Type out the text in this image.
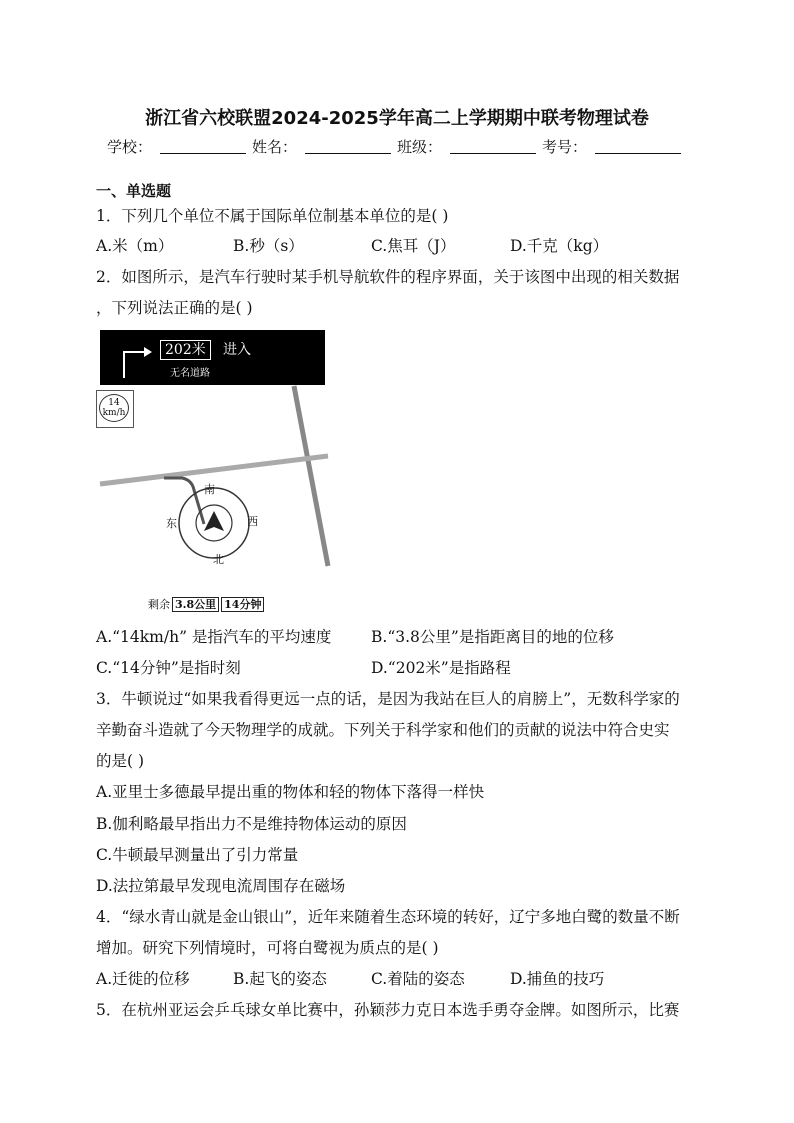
浙江省六校联盟2024-2025学年高二上学期期中联考物理试卷
学校：	姓名：	班级：	考号：
一、单选题
1．下列几个单位不属于国际单位制基本单位的是( )
A.米（m）	B.秒（s）	C.焦耳（J）	D.千克（kg）
2．如图所示，是汽车行驶时某手机导航软件的程序界面，关于该图中出现的相关数据
，下列说法正确的是( )
202米	进入
无名道路
14
km/h
南
东	西
北
剩余 3.8公里 14分钟
A.“14km/h” 是指汽车的平均速度	B.“3.8公里”是指距离目的地的位移
C.“14分钟”是指时刻	D.“202米”是指路程
3．牛顿说过“如果我看得更远一点的话，是因为我站在巨人的肩膀上”，无数科学家的
辛勤奋斗造就了今天物理学的成就。下列关于科学家和他们的贡献的说法中符合史实
的是( )
A.亚里士多德最早提出重的物体和轻的物体下落得一样快
B.伽利略最早指出力不是维持物体运动的原因
C.牛顿最早测量出了引力常量
D.法拉第最早发现电流周围存在磁场
4．“绿水青山就是金山银山”，近年来随着生态环境的转好，辽宁多地白鹭的数量不断
增加。研究下列情境时，可将白鹭视为质点的是( )
A.迁徙的位移	B.起飞的姿态	C.着陆的姿态	D.捕鱼的技巧
5．在杭州亚运会乒乓球女单比赛中，孙颖莎力克日本选手勇夺金牌。如图所示，比赛
